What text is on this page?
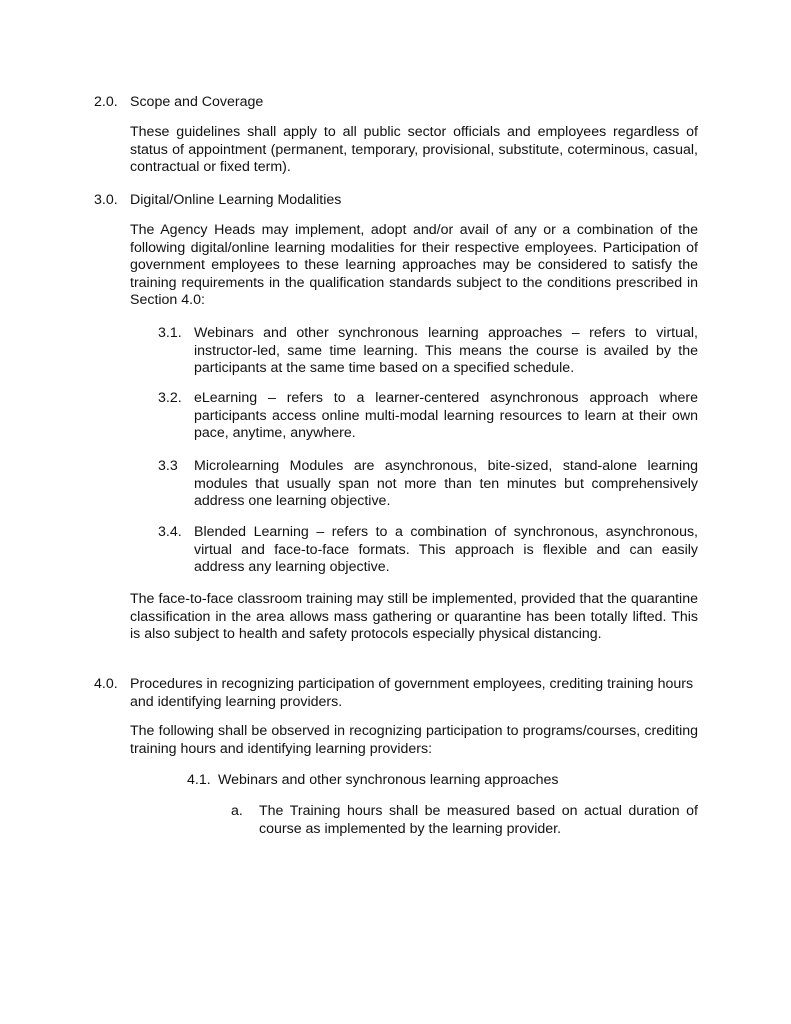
2.0. Scope and Coverage

These guidelines shall apply to all public sector officials and employees regardless of status of appointment (permanent, temporary, provisional, substitute, coterminous, casual, contractual or fixed term).

3.0. Digital/Online Learning Modalities

The Agency Heads may implement, adopt and/or avail of any or a combination of the following digital/online learning modalities for their respective employees. Participation of government employees to these learning approaches may be considered to satisfy the training requirements in the qualification standards subject to the conditions prescribed in Section 4.0:

3.1. Webinars and other synchronous learning approaches – refers to virtual, instructor-led, same time learning. This means the course is availed by the participants at the same time based on a specified schedule.

3.2. eLearning – refers to a learner-centered asynchronous approach where participants access online multi-modal learning resources to learn at their own pace, anytime, anywhere.

3.3 Microlearning Modules are asynchronous, bite-sized, stand-alone learning modules that usually span not more than ten minutes but comprehensively address one learning objective.

3.4. Blended Learning – refers to a combination of synchronous, asynchronous, virtual and face-to-face formats. This approach is flexible and can easily address any learning objective.

The face-to-face classroom training may still be implemented, provided that the quarantine classification in the area allows mass gathering or quarantine has been totally lifted. This is also subject to health and safety protocols especially physical distancing.

4.0. Procedures in recognizing participation of government employees, crediting training hours and identifying learning providers.

The following shall be observed in recognizing participation to programs/courses, crediting training hours and identifying learning providers:

4.1. Webinars and other synchronous learning approaches
a. The Training hours shall be measured based on actual duration of course as implemented by the learning provider.
